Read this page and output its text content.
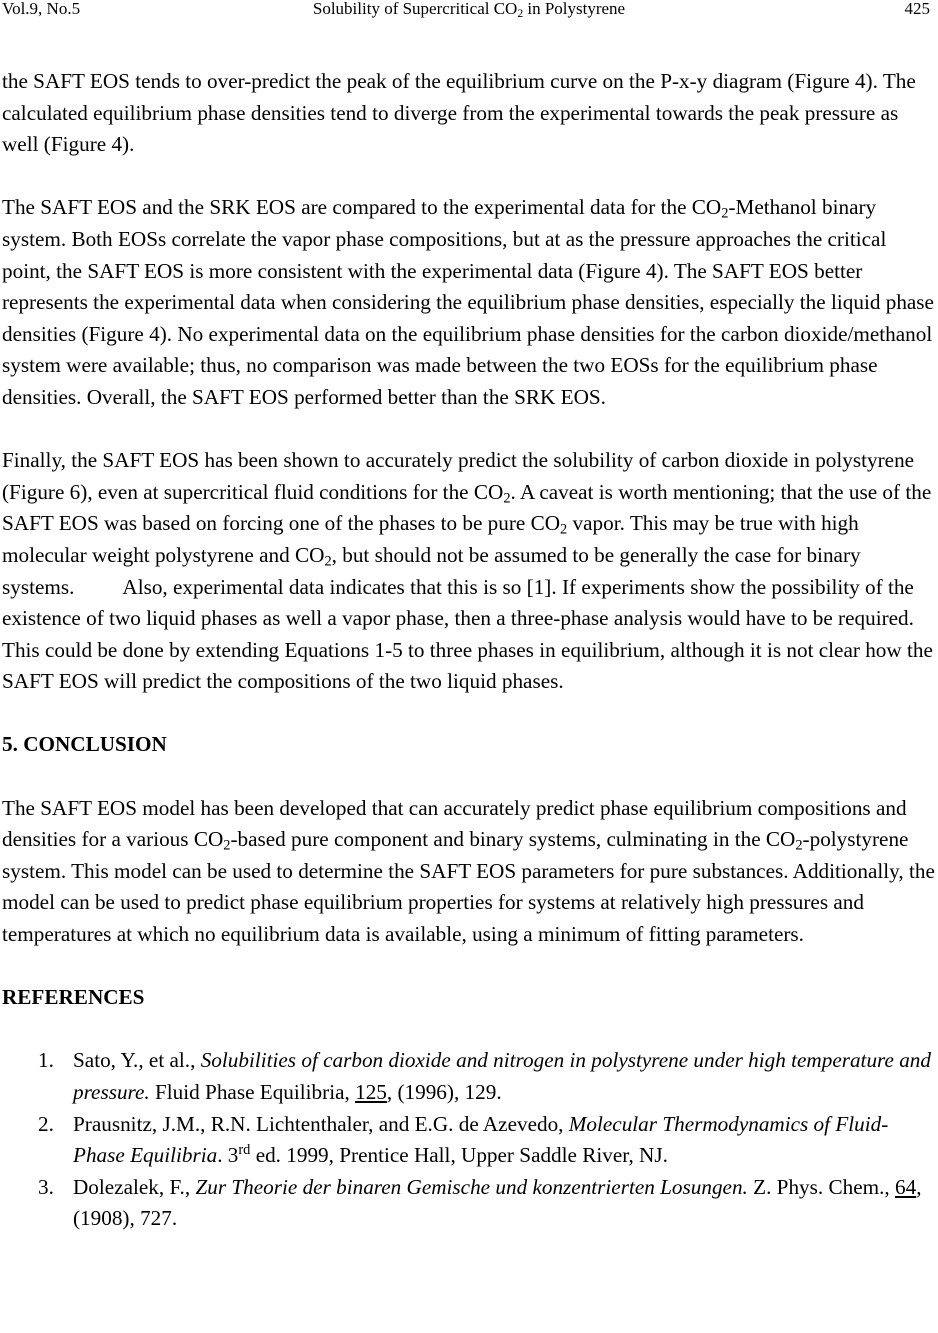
Vol.9, No.5	Solubility of Supercritical $CO_2$ in Polystyrene	425

the SAFT EOS tends to over-predict the peak of the equilibrium curve on the P-x-y diagram (Figure 4). The calculated equilibrium phase densities tend to diverge from the experimental towards the peak pressure as well (Figure 4).

The SAFT EOS and the SRK EOS are compared to the experimental data for the $CO_2$-Methanol binary system. Both EOSs correlate the vapor phase compositions, but at as the pressure approaches the critical point, the SAFT EOS is more consistent with the experimental data (Figure 4). The SAFT EOS better represents the experimental data when considering the equilibrium phase densities, especially the liquid phase densities (Figure 4). No experimental data on the equilibrium phase densities for the carbon dioxide/methanol system were available; thus, no comparison was made between the two EOSs for the equilibrium phase densities. Overall, the SAFT EOS performed better than the SRK EOS.

Finally, the SAFT EOS has been shown to accurately predict the solubility of carbon dioxide in polystyrene (Figure 6), even at supercritical fluid conditions for the $CO_2$. A caveat is worth mentioning; that the use of the SAFT EOS was based on forcing one of the phases to be pure $CO_2$ vapor. This may be true with high molecular weight polystyrene and $CO_2$, but should not be assumed to be generally the case for binary systems. Also, experimental data indicates that this is so [1]. If experiments show the possibility of the existence of two liquid phases as well a vapor phase, then a three-phase analysis would have to be required. This could be done by extending Equations 1-5 to three phases in equilibrium, although it is not clear how the SAFT EOS will predict the compositions of the two liquid phases.

5. CONCLUSION

The SAFT EOS model has been developed that can accurately predict phase equilibrium compositions and densities for a various $CO_2$-based pure component and binary systems, culminating in the $CO_2$-polystyrene system. This model can be used to determine the SAFT EOS parameters for pure substances. Additionally, the model can be used to predict phase equilibrium properties for systems at relatively high pressures and temperatures at which no equilibrium data is available, using a minimum of fitting parameters.

REFERENCES
1. Sato, Y., et al., Solubilities of carbon dioxide and nitrogen in polystyrene under high temperature and pressure. Fluid Phase Equilibria, 125, (1996), 129.
2. Prausnitz, J.M., R.N. Lichtenthaler, and E.G. de Azevedo, Molecular Thermodynamics of Fluid-Phase Equilibria. 3rd ed. 1999, Prentice Hall, Upper Saddle River, NJ.
3. Dolezalek, F., Zur Theorie der binaren Gemische und konzentrierten Losungen. Z. Phys. Chem., 64, (1908), 727.
